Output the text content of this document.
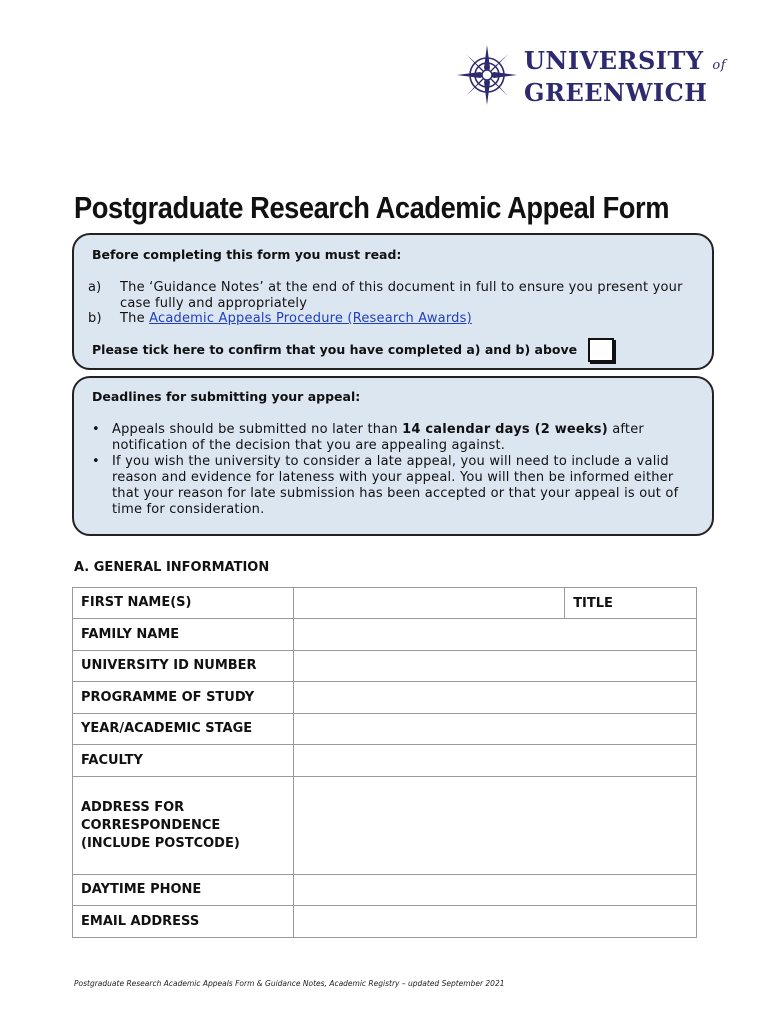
UNIVERSITY of
GREENWICH
Postgraduate Research Academic Appeal Form
Before completing this form you must read:
a) The ‘Guidance Notes’ at the end of this document in full to ensure you present your case fully and appropriately
b) The Academic Appeals Procedure (Research Awards)
Please tick here to confirm that you have completed a) and b) above
Deadlines for submitting your appeal:
• Appeals should be submitted no later than 14 calendar days (2 weeks) after notification of the decision that you are appealing against.
• If you wish the university to consider a late appeal, you will need to include a valid reason and evidence for lateness with your appeal. You will then be informed either that your reason for late submission has been accepted or that your appeal is out of time for consideration.
A. GENERAL INFORMATION
FIRST NAME(S)		TITLE
FAMILY NAME		
UNIVERSITY ID NUMBER		
PROGRAMME OF STUDY		
YEAR/ACADEMIC STAGE		
FACULTY		

ADDRESS FOR
CORRESPONDENCE
(INCLUDE POSTCODE)		

DAYTIME PHONE		
EMAIL ADDRESS		
Postgraduate Research Academic Appeals Form & Guidance Notes, Academic Registry – updated September 2021
